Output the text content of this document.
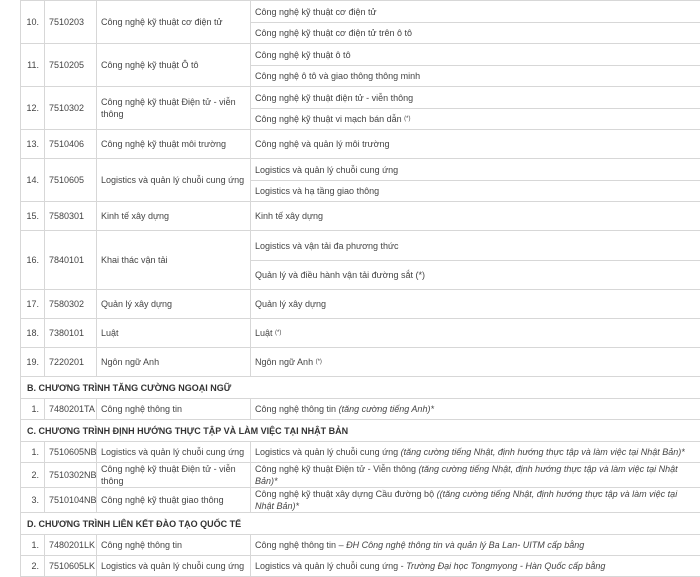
10.	7510203	Công nghệ kỹ thuật cơ điện tử	Công nghệ kỹ thuật cơ điện tử
Công nghệ kỹ thuật cơ điện tử trên ô tô

11.	7510205	Công nghệ kỹ thuật Ô tô	Công nghệ kỹ thuật ô tô
Công nghệ ô tô và giao thông thông minh

12.	7510302	Công nghệ kỹ thuật Điện tử - viễn thông	Công nghệ kỹ thuật điện tử - viễn thông
Công nghệ kỹ thuật vi mạch bán dẫn
(*)

13.	7510406	Công nghệ kỹ thuật môi trường	Công nghệ và quản lý môi trường

14.	7510605	Logistics và quản lý chuỗi cung ứng	Logistics và quản lý chuỗi cung ứng
Logistics và hạ tầng giao thông

15.	7580301	Kinh tế xây dựng	Kinh tế xây dựng

16.	7840101	Khai thác vận tải	Logistics và vận tải đa phương thức
Quản lý và điều hành vận tải đường sắt (*)

17.	7580302	Quản lý xây dựng	Quản lý xây dựng

18.	7380101	Luật	Luật
(*)

19.	7220201	Ngôn ngữ Anh	Ngôn ngữ Anh
(*)

B. CHƯƠNG TRÌNH TĂNG CƯỜNG NGOẠI NGỮ			
1.	7480201TA	Công nghệ thông tin	Công nghệ thông tin (tăng cường tiếng Anh)*
C. CHƯƠNG TRÌNH ĐỊNH HƯỚNG THỰC TẬP VÀ LÀM VIỆC TẠI NHẬT BẢN			
1.	7510605NB	Logistics và quản lý chuỗi cung ứng	Logistics và quản lý chuỗi cung ứng (tăng cường tiếng Nhật, định hướng thực tập và làm việc tại Nhật Bản)*
2.	7510302NB	Công nghệ kỹ thuật Điện tử - viễn thông	Công nghệ kỹ thuật Điện tử - Viễn thông (tăng cường tiếng Nhật, định hướng thực tập và làm việc tại Nhật Bản)*
3.	7510104NB	Công nghệ kỹ thuật giao thông	Công nghệ kỹ thuật xây dựng Cầu đường bộ ((tăng cường tiếng Nhật, định hướng thực tập và làm việc tại Nhật Bản)*
D. CHƯƠNG TRÌNH LIÊN KẾT ĐÀO TẠO QUỐC TẾ			
1.	7480201LK	Công nghệ thông tin	Công nghệ thông tin – ĐH Công nghệ thông tin và quản lý Ba Lan- UITM cấp bằng
2.	7510605LK	Logistics và quản lý chuỗi cung ứng	Logistics và quản lý chuỗi cung ứng - Trường Đại học Tongmyong - Hàn Quốc cấp bằng
